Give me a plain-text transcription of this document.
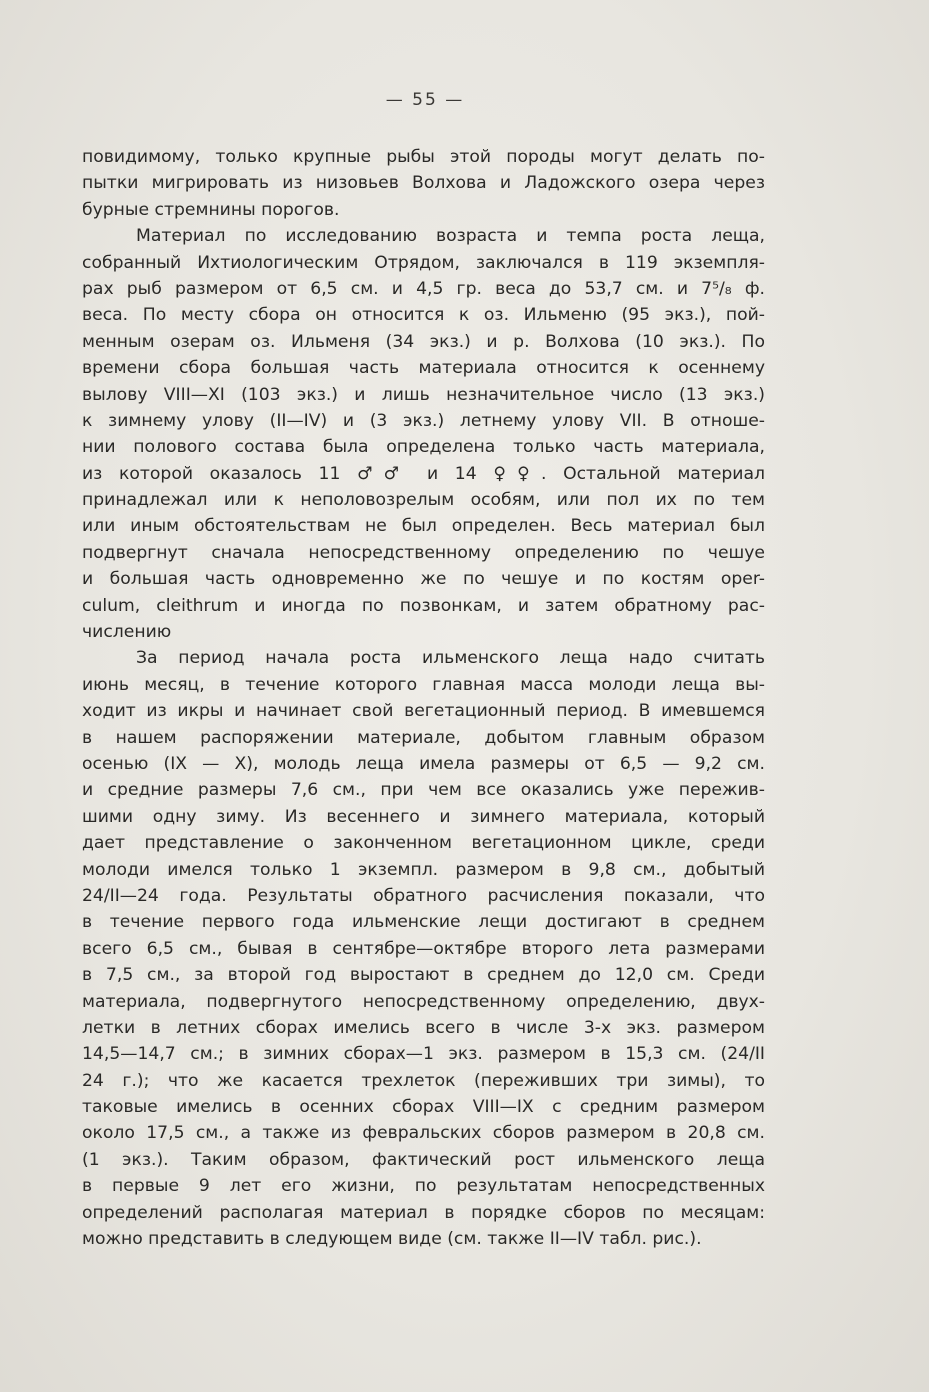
— 55 —
повидимому, только крупные рыбы этой породы могут делать по-
пытки мигрировать из низовьев Волхова и Ладожского озера через
бурные стремнины порогов.
Материал по исследованию возраста и темпа роста леща,
собранный Ихтиологическим Отрядом, заключался в 119 экземпля-
рах рыб размером от 6,5 см. и 4,5 гр. веса до 53,7 см. и 7⁵/₈ ф.
веса. По месту сбора он относится к оз. Ильменю (95 экз.), пой-
менным озерам оз. Ильменя (34 экз.) и р. Волхова (10 экз.). По
времени сбора большая часть материала относится к осеннему
вылову VIII—XI (103 экз.) и лишь незначительное число (13 экз.)
к зимнему улову (II—IV) и (3 экз.) летнему улову VII. В отноше-
нии полового состава была определена только часть материала,
из которой оказалось 11 ♂♂ и 14 ♀♀. Остальной материал
принадлежал или к неполовозрелым особям, или пол их по тем
или иным обстоятельствам не был определен. Весь материал был
подвергнут сначала непосредственному определению по чешуе
и большая часть одновременно же по чешуе и по костям oper-
culum, cleithrum и иногда по позвонкам, и затем обратному рас-
числению
За период начала роста ильменского леща надо считать
июнь месяц, в течение которого главная масса молоди леща вы-
ходит из икры и начинает свой вегетационный период. В имевшемся
в нашем распоряжении материале, добытом главным образом
осенью (IX — X), молодь леща имела размеры от 6,5 — 9,2 см.
и средние размеры 7,6 см., при чем все оказались уже пережив-
шими одну зиму. Из весеннего и зимнего материала, который
дает представление о законченном вегетационном цикле, среди
молоди имелся только 1 экземпл. размером в 9,8 см., добытый
24/II—24 года. Результаты обратного расчисления показали, что
в течение первого года ильменские лещи достигают в среднем
всего 6,5 см., бывая в сентябре—октябре второго лета размерами
в 7,5 см., за второй год выростают в среднем до 12,0 см. Среди
материала, подвергнутого непосредственному определению, двух-
летки в летних сборах имелись всего в числе 3-х экз. размером
14,5—14,7 см.; в зимних сборах—1 экз. размером в 15,3 см. (24/II
24 г.); что же касается трехлеток (переживших три зимы), то
таковые имелись в осенних сборах VIII—IX с средним размером
около 17,5 см., а также из февральских сборов размером в 20,8 см.
(1 экз.). Таким образом, фактический рост ильменского леща
в первые 9 лет его жизни, по результатам непосредственных
определений располагая материал в порядке сборов по месяцам:
можно представить в следующем виде (см. также II—IV табл. рис.).
